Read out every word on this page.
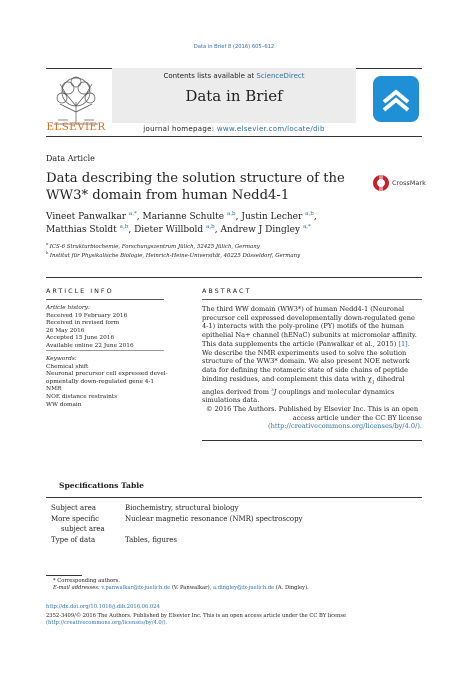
Data in Brief 8 (2016) 605–612
ELSEVIER
Contents lists available at ScienceDirect
Data in Brief
journal homepage: www.elsevier.com/locate/dib
Data Article
Data describing the solution structure of the
WW3* domain from human Nedd4-1
CrossMark
Vineet Panwalkar $^{a,*}$, Marianne Schulte $^{a,b}$, Justin Lecher $^{a,b}$,
Matthias Stoldt $^{a,b}$, Dieter Willbold $^{a,b}$, Andrew J Dingley $^{a,*}$
$^a$ ICS-6 Strukturbiochemie, Forschungszentrum Jülich, 52425 Jülich, Germany
$^b$ Institut für Physikalische Biologie, Heinrich-Heine-Universität, 40225 Düsseldorf, Germany
ARTICLE INFO
Article history:
Received 19 February 2016
Received in revised form
26 May 2016
Accepted 15 June 2016
Available online 22 June 2016
Keywords:
Chemical shift
Neuronal precursor cell expressed devel-
opmentally down-regulated gene 4-1
NMR
NOE distance restraints
WW domain
ABSTRACT
The third WW domain (WW3*) of human Nedd4-1 (Neuronal
precursor cell expressed developmentally down-regulated gene
4-1) interacts with the poly-proline (PY) motifs of the human
epithelial Na+ channel (hENaC) subunits at micromolar affinity.
This data supplements the article (Panwalkar et al., 2015) [1].
We describe the NMR experiments used to solve the solution
structure of the WW3* domain. We also present NOE network
data for defining the rotameric state of side chains of peptide
binding residues, and complement this data with $\chi_1$ dihedral
angles derived from $^3$J couplings and molecular dynamics
simulations data.
© 2016 The Authors. Published by Elsevier Inc. This is an open
access article under the CC BY license
(http://creativecommons.org/licenses/by/4.0/).
Specifications Table
Subject area	Biochemistry, structural biology
More specific	Nuclear magnetic resonance (NMR) spectroscopy
subject area
Type of data	Tables, figures
* Corresponding authors.
E-mail addresses: v.panwalkar@fz-juelich.de (V. Panwalkar), a.dingley@fz-juelich.de (A. Dingley).
http://dx.doi.org/10.1016/j.dib.2016.06.024
2352-3409/© 2016 The Authors. Published by Elsevier Inc. This is an open access article under the CC BY license
(http://creativecommons.org/licenses/by/4.0/).
